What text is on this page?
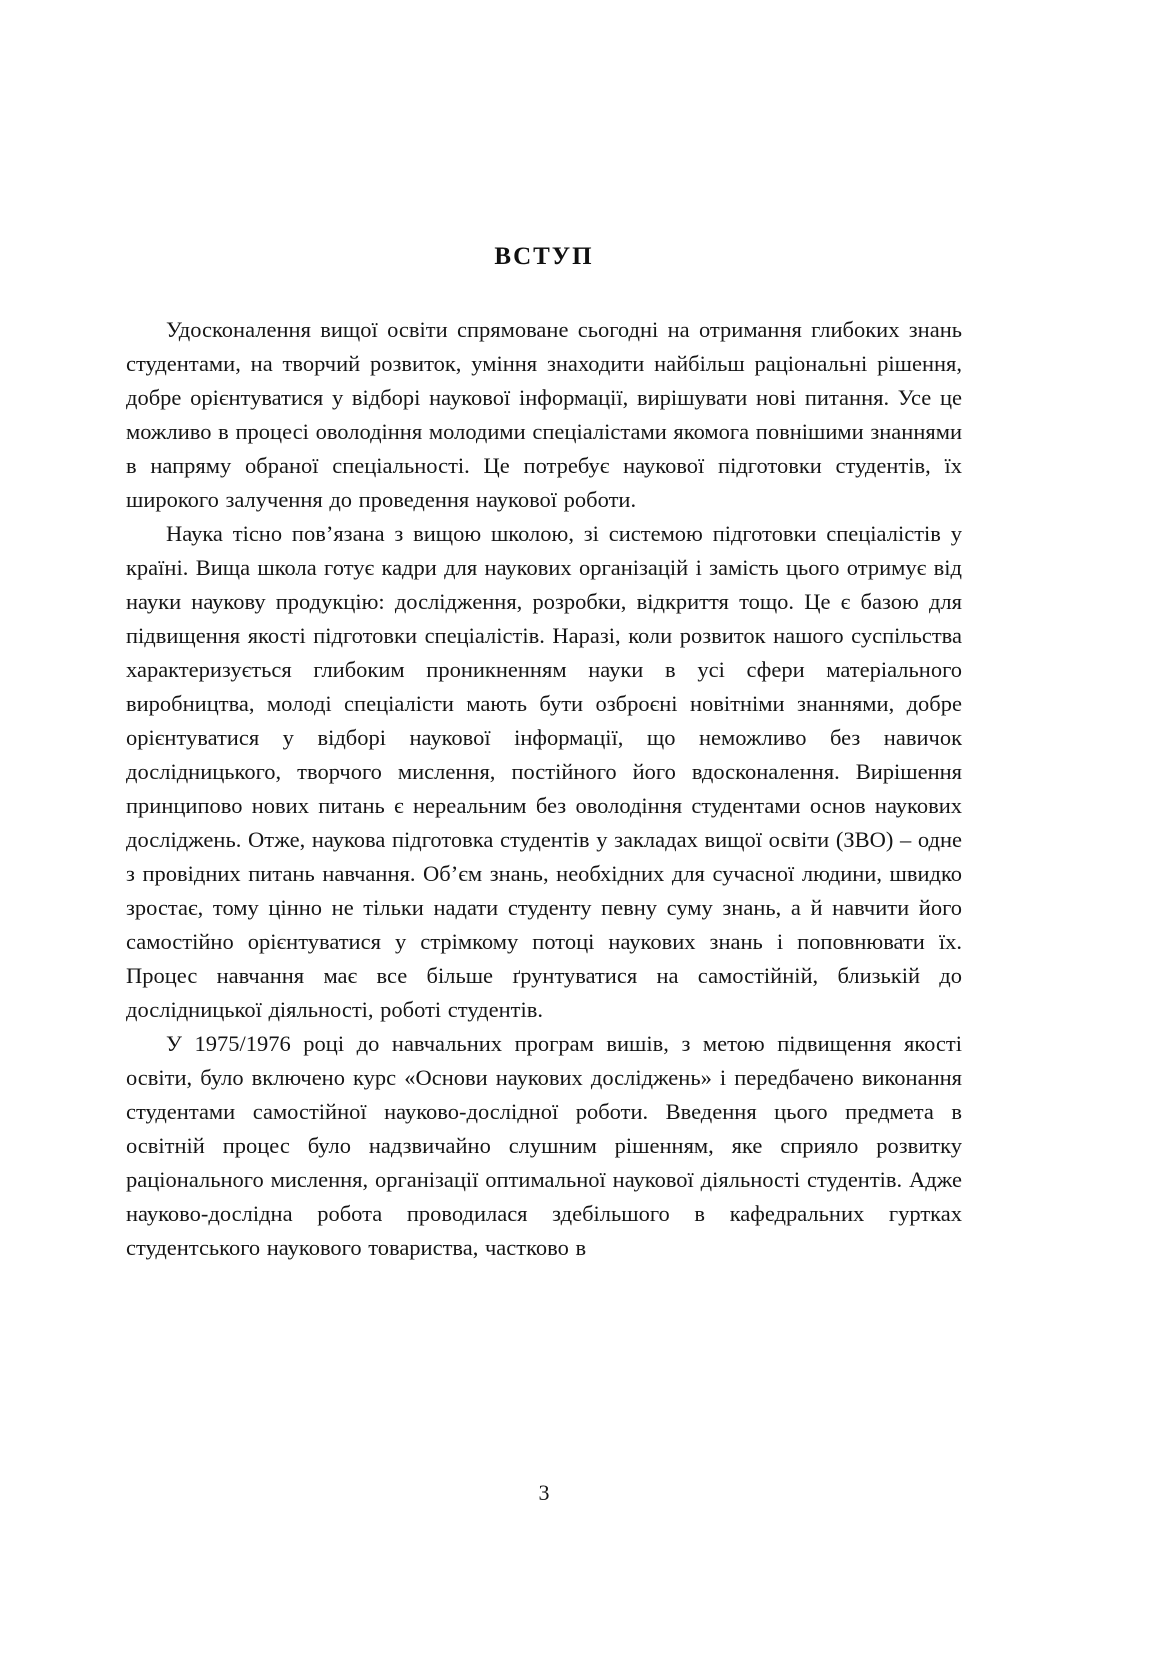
ВСТУП

Удосконалення вищої освіти спрямоване сьогодні на отримання глибоких знань студентами, на творчий розвиток, уміння знаходити найбільш раціональні рішення, добре орієнтуватися у відборі наукової інформації, вирішувати нові питання. Усе це можливо в процесі оволодіння молодими спеціалістами якомога повнішими знаннями в напряму обраної спеціальності. Це потребує наукової підготовки студентів, їх широкого залучення до проведення наукової роботи.

Наука тісно пов’язана з вищою школою, зі системою підготовки спеціалістів у країні. Вища школа готує кадри для наукових організацій і замість цього отримує від науки наукову продукцію: дослідження, розробки, відкриття тощо. Це є базою для підвищення якості підготовки спеціалістів. Наразі, коли розвиток нашого суспільства характеризується глибоким проникненням науки в усі сфери матеріального виробництва, молоді спеціалісти мають бути озброєні новітніми знаннями, добре орієнтуватися у відборі наукової інформації, що неможливо без навичок дослідницького, творчого мислення, постійного його вдосконалення. Вирішення принципово нових питань є нереальним без оволодіння студентами основ наукових досліджень. Отже, наукова підготовка студентів у закладах вищої освіти (ЗВО) – одне з провідних питань навчання. Об’єм знань, необхідних для сучасної людини, швидко зростає, тому цінно не тільки надати студенту певну суму знань, а й навчити його самостійно орієнтуватися у стрімкому потоці наукових знань і поповнювати їх. Процес навчання має все більше ґрунтуватися на самостійній, близькій до дослідницької діяльності, роботі студентів.

У 1975/1976 році до навчальних програм вишів, з метою підвищення якості освіти, було включено курс «Основи наукових досліджень» і передбачено виконання студентами самостійної науково-дослідної роботи. Введення цього предмета в освітній процес було надзвичайно слушним рішенням, яке сприяло розвитку раціонального мислення, організації оптимальної наукової діяльності студентів. Адже науково-дослідна робота проводилася здебільшого в кафедральних гуртках студентського наукового товариства, частково в

3
